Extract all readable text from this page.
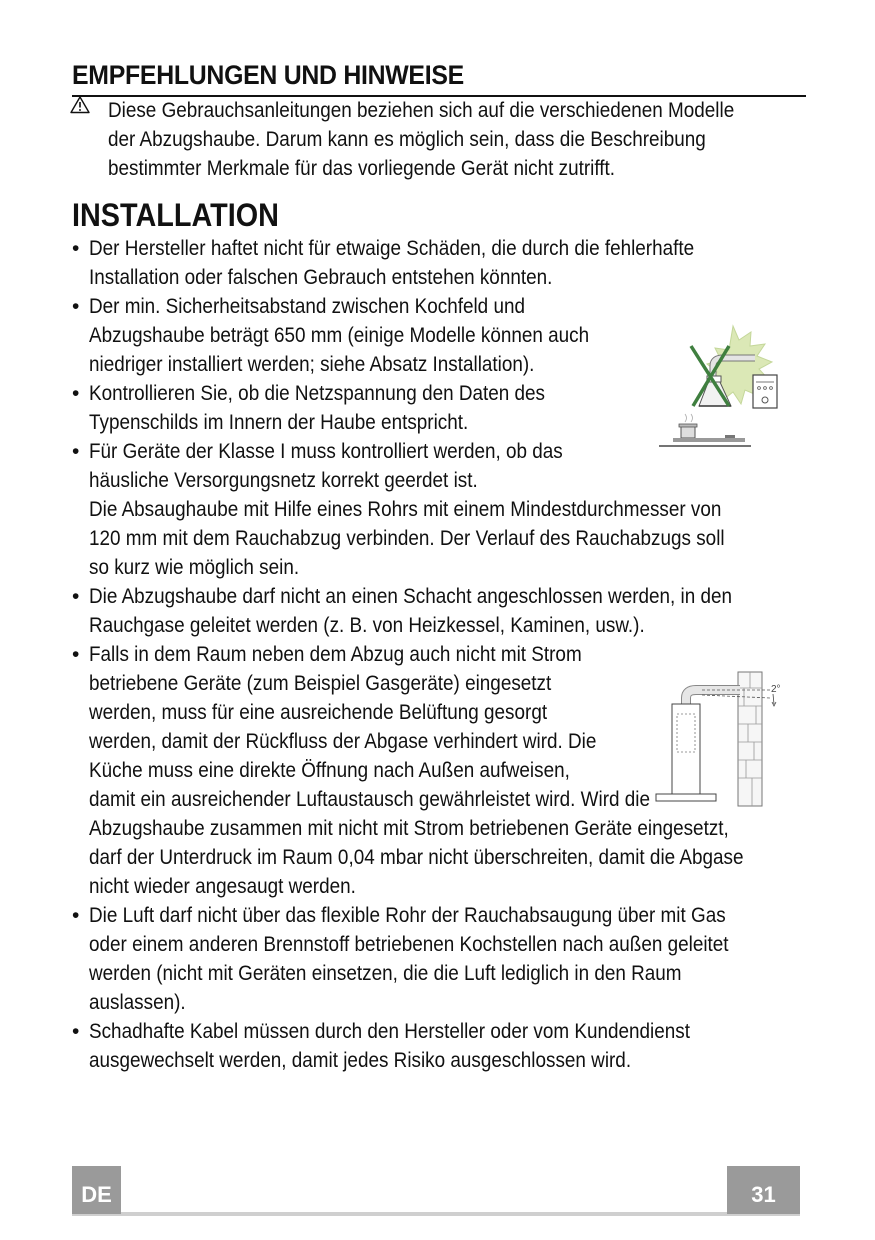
EMPFEHLUNGEN UND HINWEISE
Diese Gebrauchsanleitungen beziehen sich auf die verschiedenen Modelle
der Abzugshaube. Darum kann es möglich sein, dass die Beschreibung
bestimmter Merkmale für das vorliegende Gerät nicht zutrifft.
INSTALLATION
• Der Hersteller haftet nicht für etwaige Schäden, die durch die fehlerhafte
Installation oder falschen Gebrauch entstehen könnten.
• Der min. Sicherheitsabstand zwischen Kochfeld und
Abzugshaube beträgt 650 mm (einige Modelle können auch
niedriger installiert werden; siehe Absatz Installation).
• Kontrollieren Sie, ob die Netzspannung den Daten des
Typenschilds im Innern der Haube entspricht.
• Für Geräte der Klasse I muss kontrolliert werden, ob das
häusliche Versorgungsnetz korrekt geerdet ist.
Die Absaughaube mit Hilfe eines Rohrs mit einem Mindestdurchmesser von
120 mm mit dem Rauchabzug verbinden. Der Verlauf des Rauchabzugs soll
so kurz wie möglich sein.
• Die Abzugshaube darf nicht an einen Schacht angeschlossen werden, in den
Rauchgase geleitet werden (z. B. von Heizkessel, Kaminen, usw.).
• Falls in dem Raum neben dem Abzug auch nicht mit Strom
betriebene Geräte (zum Beispiel Gasgeräte) eingesetzt
werden, muss für eine ausreichende Belüftung gesorgt
werden, damit der Rückfluss der Abgase verhindert wird. Die
Küche muss eine direkte Öffnung nach Außen aufweisen,
damit ein ausreichender Luftaustausch gewährleistet wird. Wird die
Abzugshaube zusammen mit nicht mit Strom betriebenen Geräte eingesetzt,
darf der Unterdruck im Raum 0,04 mbar nicht überschreiten, damit die Abgase
nicht wieder angesaugt werden.
• Die Luft darf nicht über das flexible Rohr der Rauchabsaugung über mit Gas
oder einem anderen Brennstoff betriebenen Kochstellen nach außen geleitet
werden (nicht mit Geräten einsetzen, die die Luft lediglich in den Raum
auslassen).
• Schadhafte Kabel müssen durch den Hersteller oder vom Kundendienst
ausgewechselt werden, damit jedes Risiko ausgeschlossen wird.
2°
DE	31
